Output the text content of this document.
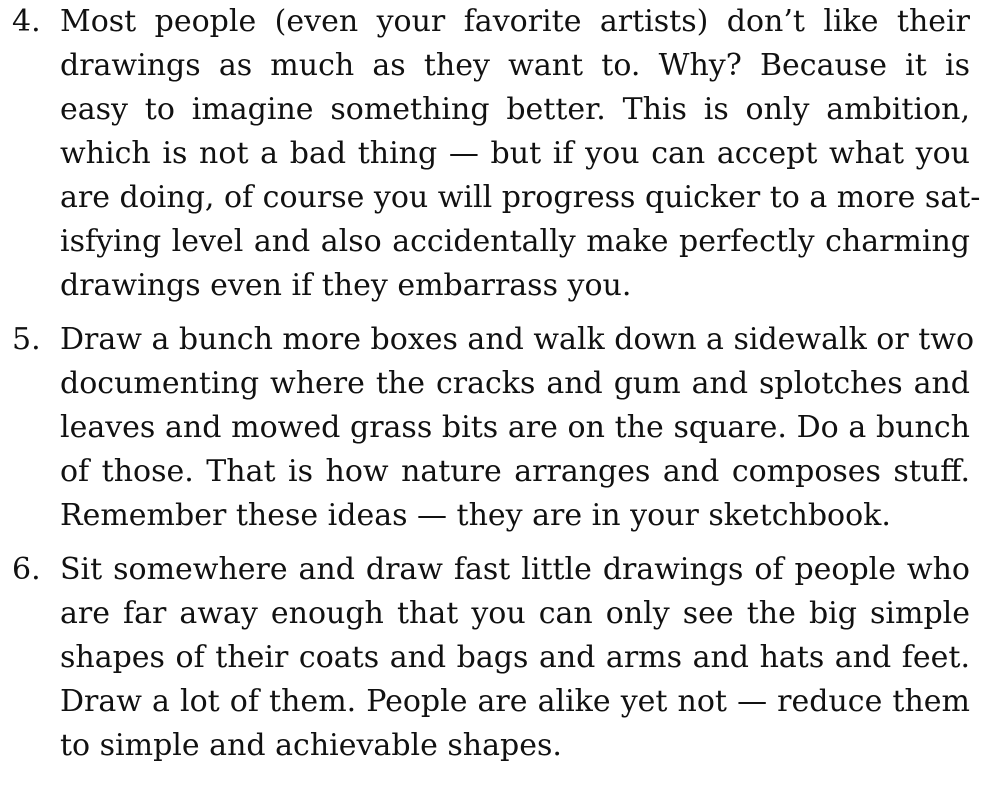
4. Most people (even your favorite artists) don’t like their
drawings as much as they want to. Why? Because it is
easy to imagine something better. This is only ambition,
which is not a bad thing — but if you can accept what you
are doing, of course you will progress quicker to a more sat-
isfying level and also accidentally make perfectly charming
drawings even if they embarrass you.
5. Draw a bunch more boxes and walk down a sidewalk or two
documenting where the cracks and gum and splotches and
leaves and mowed grass bits are on the square. Do a bunch
of those. That is how nature arranges and composes stuff.
Remember these ideas — they are in your sketchbook.
6. Sit somewhere and draw fast little drawings of people who
are far away enough that you can only see the big simple
shapes of their coats and bags and arms and hats and feet.
Draw a lot of them. People are alike yet not — reduce them
to simple and achievable shapes.
